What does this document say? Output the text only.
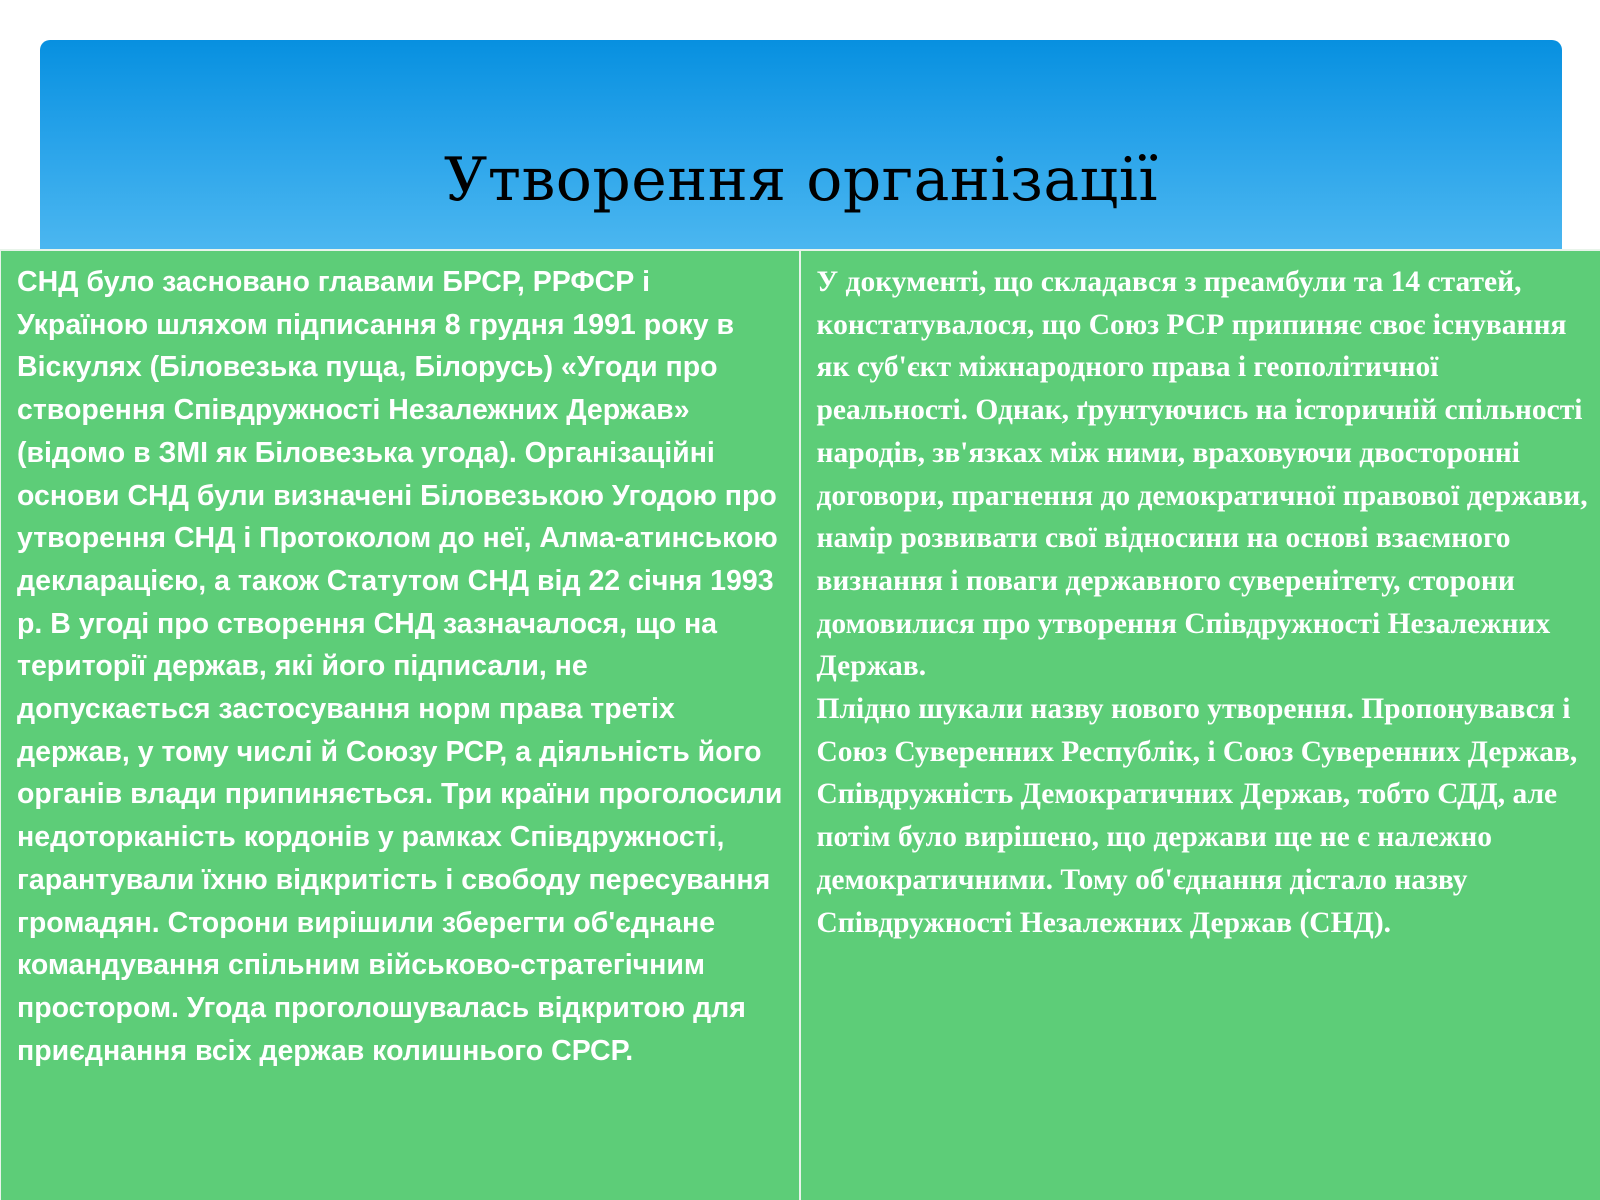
Утворення організації

СНД було засновано главами БРСР, РРФСР і Україною шляхом підписання 8 грудня 1991 року в Віскулях (Біловезька пуща, Білорусь) «Угоди про створення Співдружності Незалежних Держав» (відомо в ЗМІ як Біловезька угода). Організаційні основи СНД були визначені Біловезькою Угодою про утворення СНД і Протоколом до неї, Алма-атинською декларацією, а також Статутом СНД від 22 січня 1993 р. В угоді про створення СНД зазначалося, що на території держав, які його підписали, не допускається застосування норм права третіх держав, у тому числі й Союзу РСР, а діяльність його органів влади припиняється. Три країни проголосили недоторканість кордонів у рамках Співдружності, гарантували їхню відкритість і свободу пересування громадян. Сторони вирішили зберегти об'єднане командування спільним військово-стратегічним простором. Угода проголошувалась відкритою для приєднання всіх держав колишнього СРСР.

У документі, що складався з преамбули та 14 статей, констатувалося, що Союз РСР припиняє своє існування як суб'єкт міжнародного права і геополітичної реальності. Однак, ґрунтуючись на історичній спільності народів, зв'язках між ними, враховуючи двосторонні договори, прагнення до демократичної правової держави, намір розвивати свої відносини на основі взаємного визнання і поваги державного суверенітету, сторони домовилися про утворення Співдружності Незалежних Держав.
Плідно шукали назву нового утворення. Пропонувався і Союз Суверенних Республік, і Союз Суверенних Держав, Співдружність Демократичних Держав, тобто СДД, але потім було вирішено, що держави ще не є належно демократичними. Тому об'єднання дістало назву Співдружності Незалежних Держав (СНД).
